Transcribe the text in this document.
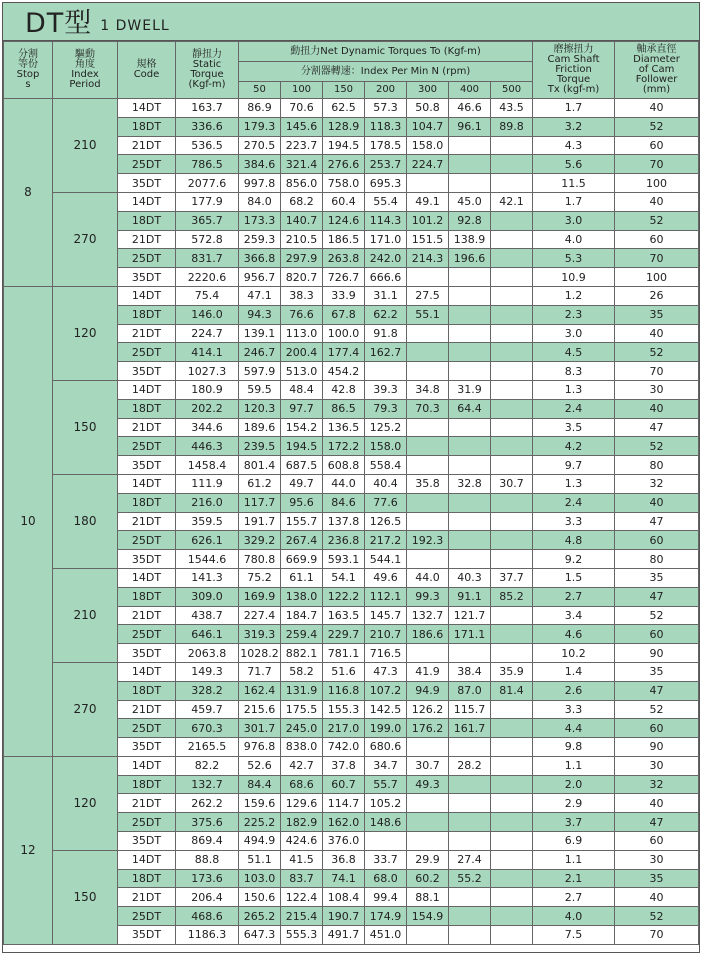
DT型 1 DWELL
分割
等份
Stop
s	驅動
角度
Index
Period	規格
Code	靜扭力
Static
Torque
(Kgf-m)	動扭力Net Dynamic Torques To (Kgf-m)							磨擦扭力
Cam Shaft
Friction
Torque
Tx (kgf-m)	軸承直徑
Diameter
of Cam
Follower
(mm)

				分割器轉速：Index Per Min N (rpm)								
				50	100	150	200	300	400	500		
8	210	14DT	163.7	86.9	70.6	62.5	57.3	50.8	46.6	43.5	1.7	40
		18DT	336.6	179.3	145.6	128.9	118.3	104.7	96.1	89.8	3.2	52
		21DT	536.5	270.5	223.7	194.5	178.5	158.0			4.3	60
		25DT	786.5	384.6	321.4	276.6	253.7	224.7			5.6	70
		35DT	2077.6	997.8	856.0	758.0	695.3				11.5	100
	270	14DT	177.9	84.0	68.2	60.4	55.4	49.1	45.0	42.1	1.7	40
		18DT	365.7	173.3	140.7	124.6	114.3	101.2	92.8		3.0	52
		21DT	572.8	259.3	210.5	186.5	171.0	151.5	138.9		4.0	60
		25DT	831.7	366.8	297.9	263.8	242.0	214.3	196.6		5.3	70
		35DT	2220.6	956.7	820.7	726.7	666.6				10.9	100
10	120	14DT	75.4	47.1	38.3	33.9	31.1	27.5			1.2	26
		18DT	146.0	94.3	76.6	67.8	62.2	55.1			2.3	35
		21DT	224.7	139.1	113.0	100.0	91.8				3.0	40
		25DT	414.1	246.7	200.4	177.4	162.7				4.5	52
		35DT	1027.3	597.9	513.0	454.2					8.3	70
	150	14DT	180.9	59.5	48.4	42.8	39.3	34.8	31.9		1.3	30
		18DT	202.2	120.3	97.7	86.5	79.3	70.3	64.4		2.4	40
		21DT	344.6	189.6	154.2	136.5	125.2				3.5	47
		25DT	446.3	239.5	194.5	172.2	158.0				4.2	52
		35DT	1458.4	801.4	687.5	608.8	558.4				9.7	80
	180	14DT	111.9	61.2	49.7	44.0	40.4	35.8	32.8	30.7	1.3	32
		18DT	216.0	117.7	95.6	84.6	77.6				2.4	40
		21DT	359.5	191.7	155.7	137.8	126.5				3.3	47
		25DT	626.1	329.2	267.4	236.8	217.2	192.3			4.8	60
		35DT	1544.6	780.8	669.9	593.1	544.1				9.2	80
	210	14DT	141.3	75.2	61.1	54.1	49.6	44.0	40.3	37.7	1.5	35
		18DT	309.0	169.9	138.0	122.2	112.1	99.3	91.1	85.2	2.7	47
		21DT	438.7	227.4	184.7	163.5	145.7	132.7	121.7		3.4	52
		25DT	646.1	319.3	259.4	229.7	210.7	186.6	171.1		4.6	60
		35DT	2063.8	1028.2	882.1	781.1	716.5				10.2	90
	270	14DT	149.3	71.7	58.2	51.6	47.3	41.9	38.4	35.9	1.4	35
		18DT	328.2	162.4	131.9	116.8	107.2	94.9	87.0	81.4	2.6	47
		21DT	459.7	215.6	175.5	155.3	142.5	126.2	115.7		3.3	52
		25DT	670.3	301.7	245.0	217.0	199.0	176.2	161.7		4.4	60
		35DT	2165.5	976.8	838.0	742.0	680.6				9.8	90
12	120	14DT	82.2	52.6	42.7	37.8	34.7	30.7	28.2		1.1	30
		18DT	132.7	84.4	68.6	60.7	55.7	49.3			2.0	32
		21DT	262.2	159.6	129.6	114.7	105.2				2.9	40
		25DT	375.6	225.2	182.9	162.0	148.6				3.7	47
		35DT	869.4	494.9	424.6	376.0					6.9	60
	150	14DT	88.8	51.1	41.5	36.8	33.7	29.9	27.4		1.1	30
		18DT	173.6	103.0	83.7	74.1	68.0	60.2	55.2		2.1	35
		21DT	206.4	150.6	122.4	108.4	99.4	88.1			2.7	40
		25DT	468.6	265.2	215.4	190.7	174.9	154.9			4.0	52
		35DT	1186.3	647.3	555.3	491.7	451.0				7.5	70
